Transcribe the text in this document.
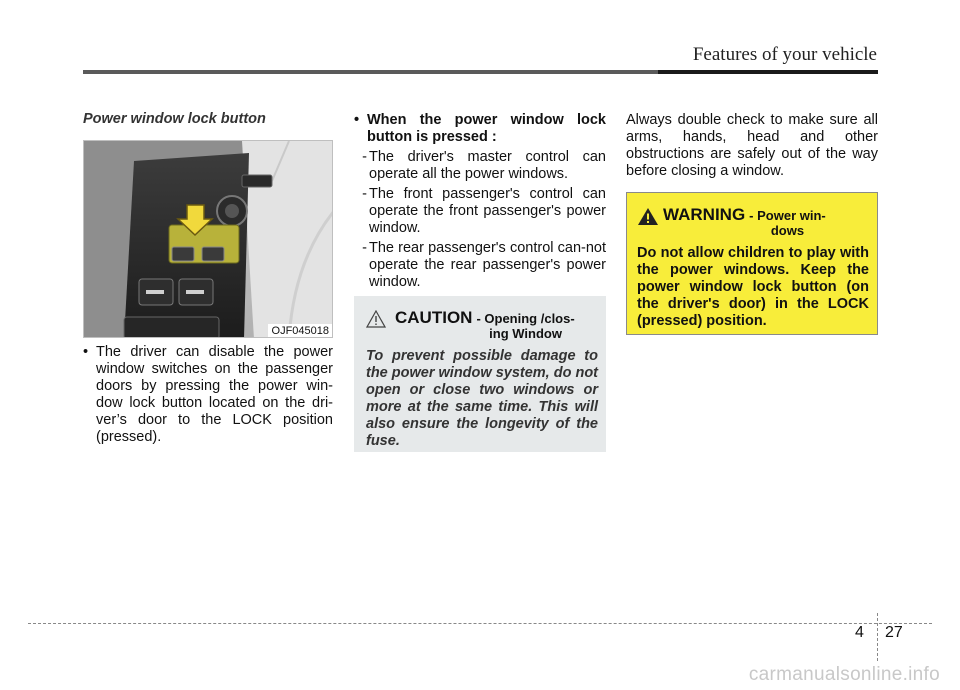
Features of your vehicle
Power window lock button
OJF045018
• The driver can disable the power window switches on the passenger doors by pressing the power win-dow lock button located on the dri-ver’s door to the LOCK position (pressed).
• When the power window lock button is pressed :
- The driver's master control can operate all the power windows.
- The front passenger's control can operate the front passenger's power window.
- The rear passenger's control can-not operate the rear passenger's power window.
CAUTION - Opening /clos-
ing Window
To prevent possible damage to the power window system, do not open or close two windows or more at the same time. This will also ensure the longevity of the fuse.
Always double check to make sure all arms, hands, head and other obstructions are safely out of the way before closing a window.
WARNING - Power win-
dows
Do not allow children to play with the power windows. Keep the power window lock button (on the driver's door) in the LOCK (pressed) position.
4 27
carmanualsonline.info
